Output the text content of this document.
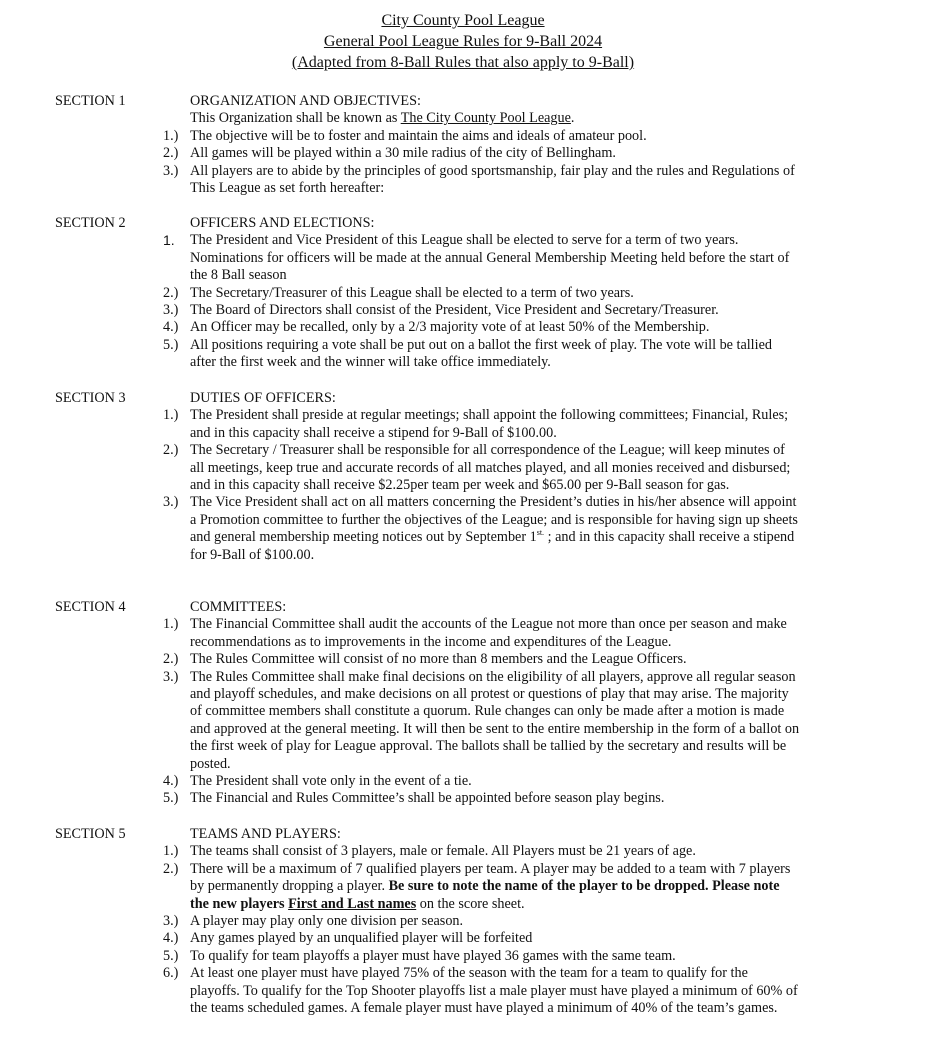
City County Pool League
General Pool League Rules for 9-Ball 2024
(Adapted from 8-Ball Rules that also apply to 9-Ball)
SECTION 1	ORGANIZATION AND OBJECTIVES:
This Organization shall be known as The City County Pool League.
1.) The objective will be to foster and maintain the aims and ideals of amateur pool.
2.) All games will be played within a 30 mile radius of the city of Bellingham.
3.) All players are to abide by the principles of good sportsmanship, fair play and the rules and Regulations of This League as set forth hereafter:
SECTION 2	OFFICERS AND ELECTIONS:
1. The President and Vice President of this League shall be elected to serve for a term of two years. Nominations for officers will be made at the annual General Membership Meeting held before the start of the 8 Ball season
2.) The Secretary/Treasurer of this League shall be elected to a term of two years.
3.) The Board of Directors shall consist of the President, Vice President and Secretary/Treasurer.
4.) An Officer may be recalled, only by a 2/3 majority vote of at least 50% of the Membership.
5.) All positions requiring a vote shall be put out on a ballot the first week of play. The vote will be tallied after the first week and the winner will take office immediately.
SECTION 3	DUTIES OF OFFICERS:
1.) The President shall preside at regular meetings; shall appoint the following committees; Financial, Rules; and in this capacity shall receive a stipend for 9-Ball of $100.00.
2.) The Secretary / Treasurer shall be responsible for all correspondence of the League; will keep minutes of all meetings, keep true and accurate records of all matches played, and all monies received and disbursed; and in this capacity shall receive $2.25per team per week and $65.00 per 9-Ball season for gas.
3.) The Vice President shall act on all matters concerning the President’s duties in his/her absence will appoint a Promotion committee to further the objectives of the League; and is responsible for having sign up sheets and general membership meeting notices out by September $1^{st.}$ ; and in this capacity shall receive a stipend for 9-Ball of $100.00.
SECTION 4	COMMITTEES:
1.) The Financial Committee shall audit the accounts of the League not more than once per season and make recommendations as to improvements in the income and expenditures of the League.
2.) The Rules Committee will consist of no more than 8 members and the League Officers.
3.) The Rules Committee shall make final decisions on the eligibility of all players, approve all regular season and playoff schedules, and make decisions on all protest or questions of play that may arise. The majority of committee members shall constitute a quorum. Rule changes can only be made after a motion is made and approved at the general meeting. It will then be sent to the entire membership in the form of a ballot on the first week of play for League approval. The ballots shall be tallied by the secretary and results will be posted.
4.) The President shall vote only in the event of a tie.
5.) The Financial and Rules Committee’s shall be appointed before season play begins.
SECTION 5	TEAMS AND PLAYERS:
1.) The teams shall consist of 3 players, male or female. All Players must be 21 years of age.
2.) There will be a maximum of 7 qualified players per team. A player may be added to a team with 7 players by permanently dropping a player. Be sure to note the name of the player to be dropped. Please note the new players First and Last names on the score sheet.
3.) A player may play only one division per season.
4.) Any games played by an unqualified player will be forfeited
5.) To qualify for team playoffs a player must have played 36 games with the same team.
6.) At least one player must have played 75% of the season with the team for a team to qualify for the playoffs. To qualify for the Top Shooter playoffs list a male player must have played a minimum of 60% of the teams scheduled games. A female player must have played a minimum of 40% of the team’s games.
